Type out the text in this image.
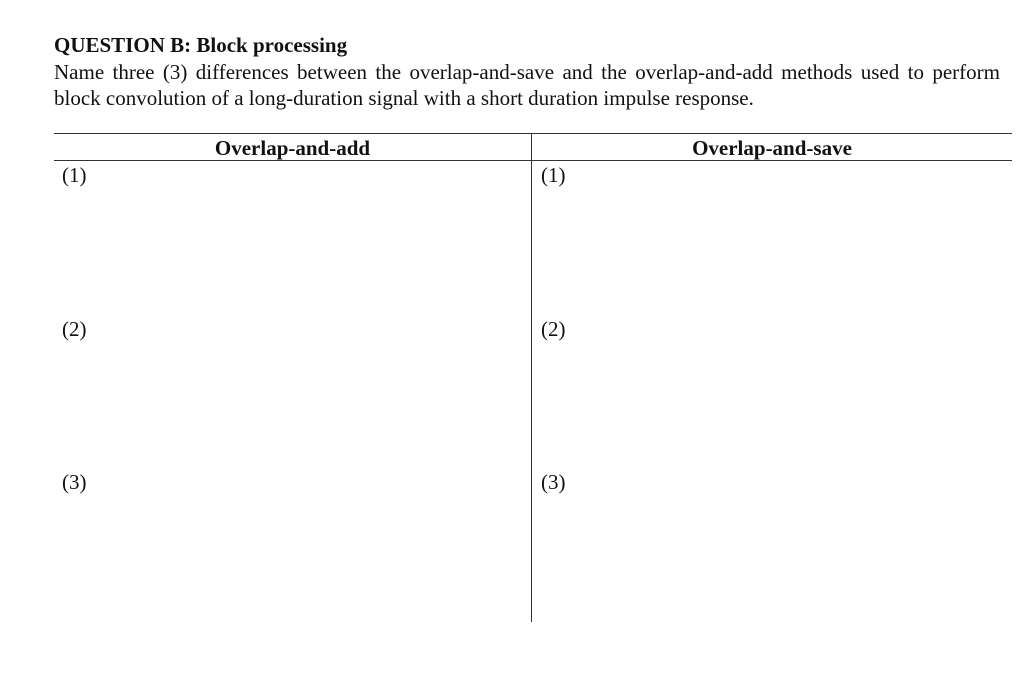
QUESTION B: Block processing
Name three (3) differences between the overlap-and-save and the overlap-and-add methods used to perform block convolution of a long-duration signal with a short duration impulse response.
Overlap-and-add	Overlap-and-save
(1)
(2)
(3)
(1)
(2)
(3)
